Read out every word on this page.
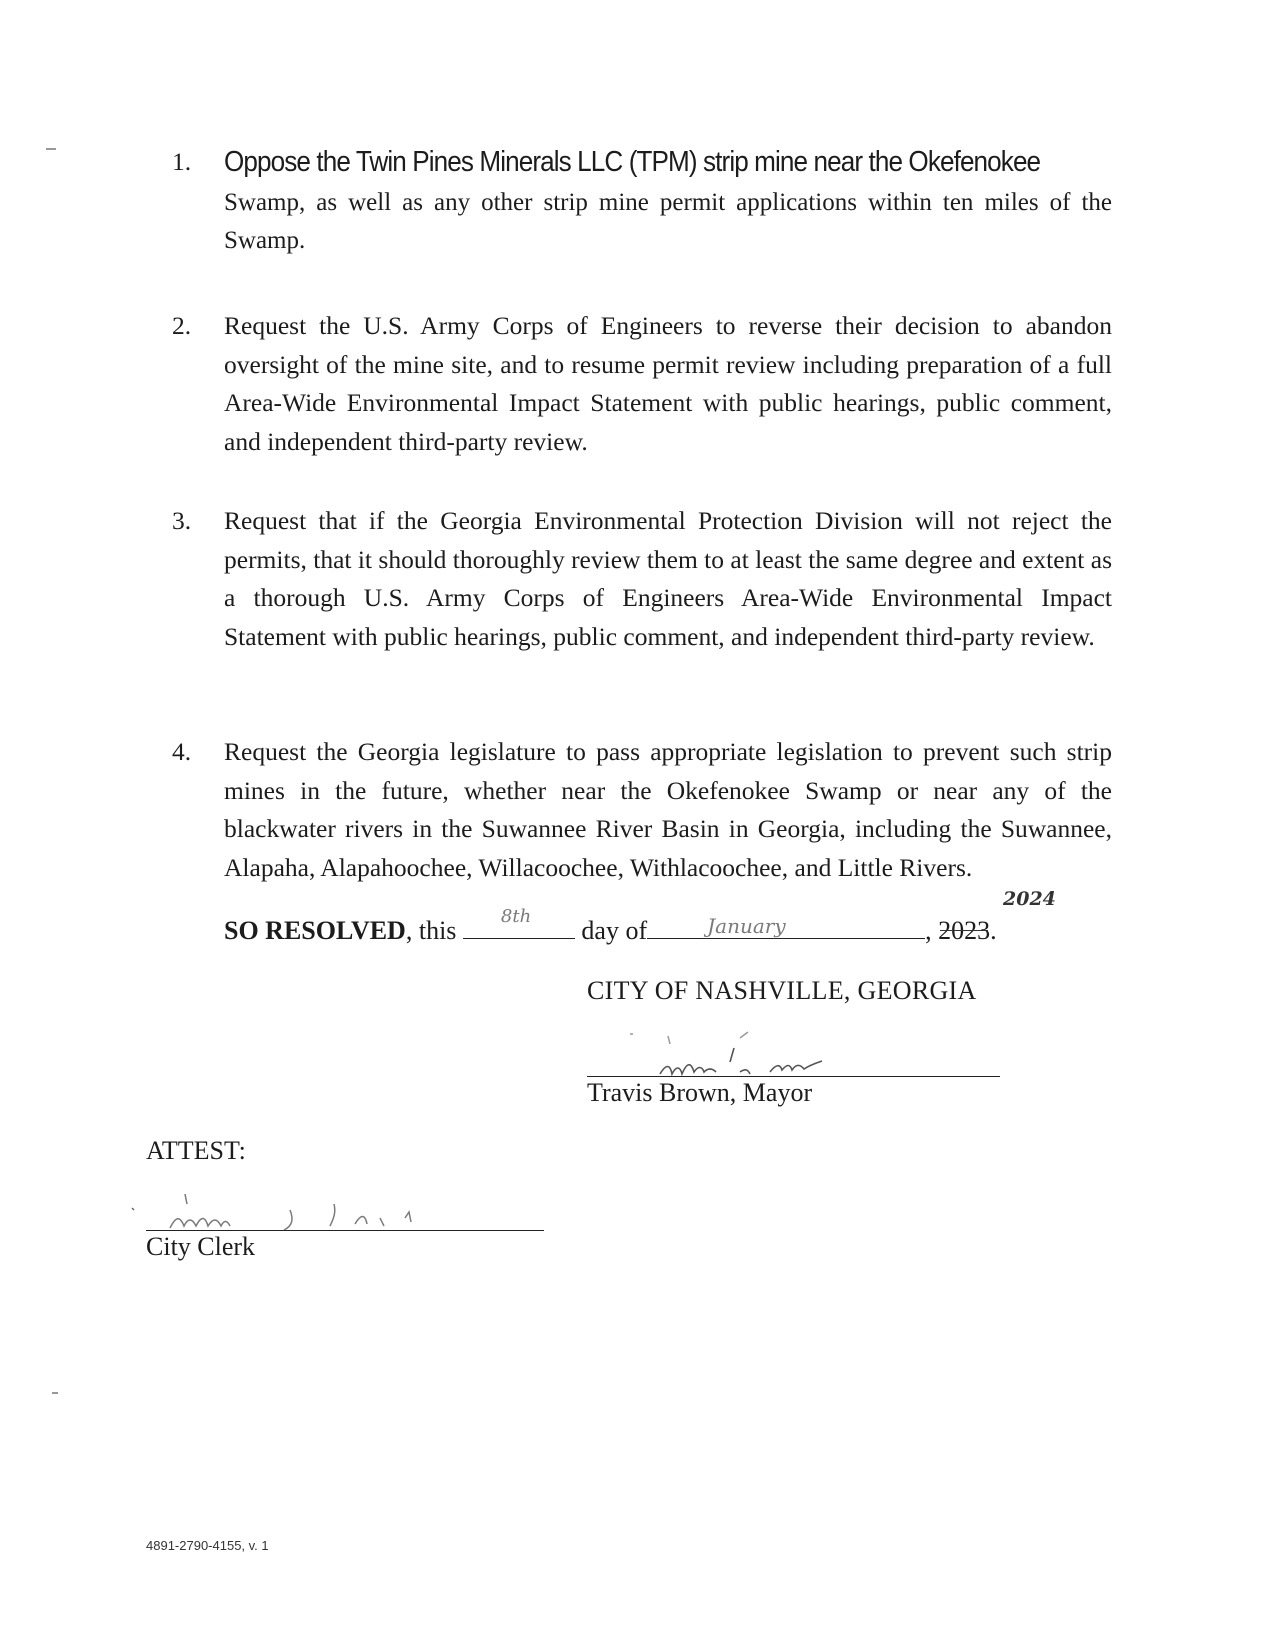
1.	Oppose the Twin Pines Minerals LLC (TPM) strip mine near the Okefenokee
Swamp, as well as any other strip mine permit applications within ten miles of the Swamp.
2.	Request the U.S. Army Corps of Engineers to reverse their decision to abandon oversight of the mine site, and to resume permit review including preparation of a full Area-Wide Environmental Impact Statement with public hearings, public comment, and independent third-party review.
3.	Request that if the Georgia Environmental Protection Division will not reject the permits, that it should thoroughly review them to at least the same degree and extent as a thorough U.S. Army Corps of Engineers Area-Wide Environmental Impact Statement with public hearings, public comment, and independent third-party review.
4.	Request the Georgia legislature to pass appropriate legislation to prevent such strip mines in the future, whether near the Okefenokee Swamp or near any of the blackwater rivers in the Suwannee River Basin in Georgia, including the Suwannee, Alapaha, Alapahoochee, Willacoochee, Withlacoochee, and Little Rivers.
SO RESOLVED, this 8th day of	January	, 2023.
2024
CITY OF NASHVILLE, GEORGIA
Travis Brown, Mayor
ATTEST:
City Clerk
4891-2790-4155, v. 1
